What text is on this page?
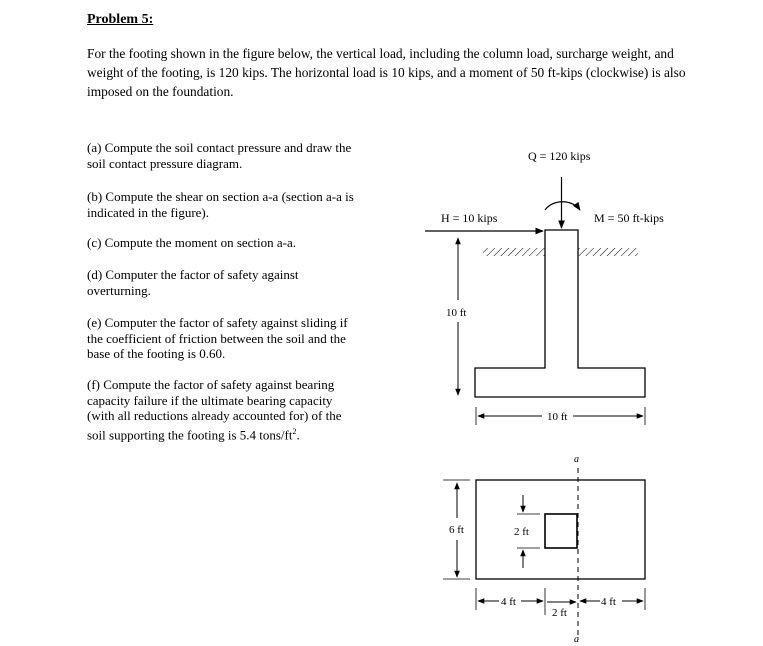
Problem 5:

For the footing shown in the figure below, the vertical load, including the column load, surcharge weight, and weight of the footing, is 120 kips. The horizontal load is 10 kips, and a moment of 50 ft-kips (clockwise) is also imposed on the foundation.

(a) Compute the soil contact pressure and draw the
soil contact pressure diagram.
(b) Compute the shear on section a-a (section a-a is
indicated in the figure).
(c) Compute the moment on section a-a.
(d) Computer the factor of safety against
overturning.
(e) Computer the factor of safety against sliding if
the coefficient of friction between the soil and the
base of the footing is 0.60.
(f) Compute the factor of safety against bearing
capacity failure if the ultimate bearing capacity
(with all reductions already accounted for) of the
soil supporting the footing is 5.4 tons/$ft^2$.
Q = 120 kips
M = 50 ft-kips
H = 10 kips
10 ft
10 ft
a
a
6 ft	2 ft
4 ft
2 ft
4 ft
